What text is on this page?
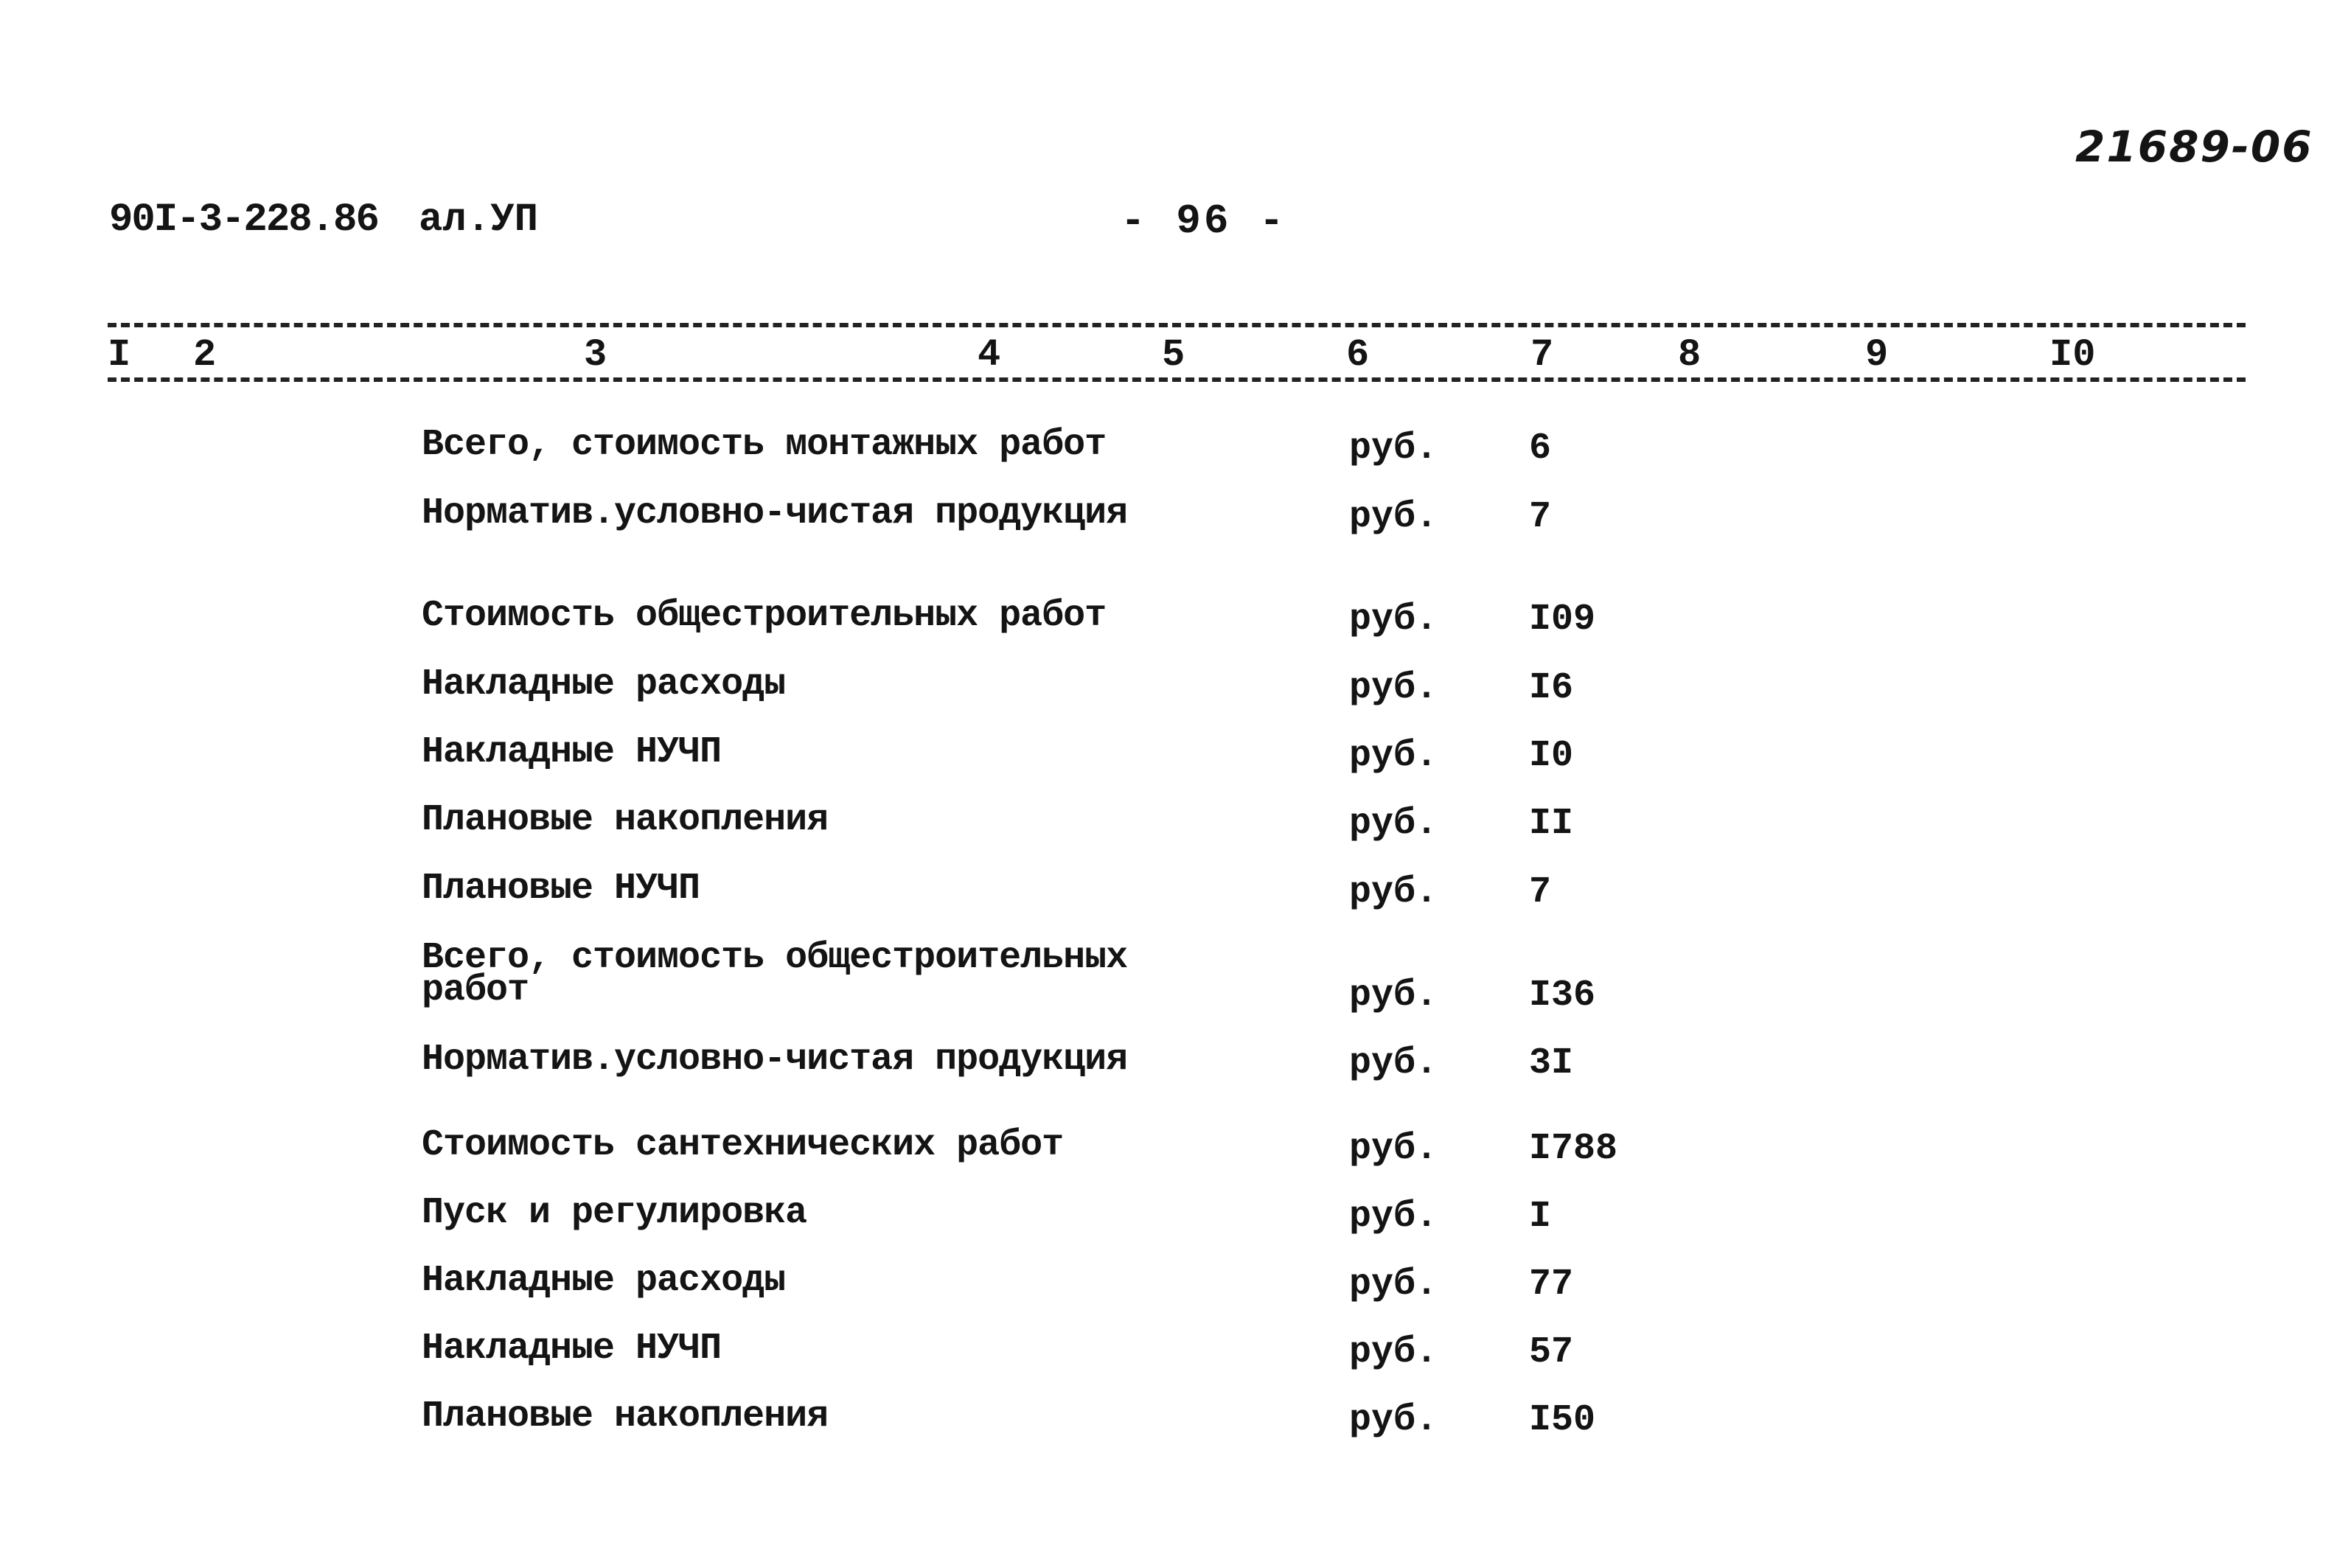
21689-06
90I-3-228.86 ал.УП	- 96 -
I 2	3	4	5	6	7	8	9	I0
Всего, стоимость монтажных работ	руб. 6
Норматив.условно-чистая продукция	руб. 7
Стоимость общестроительных работ	руб. I09
Накладные расходы	руб. I6
Накладные НУЧП	руб. I0
Плановые накопления	руб. II
Плановые НУЧП	руб. 7
Всего, стоимость общестроительных
работ	руб. I36
Норматив.условно-чистая продукция	руб. 3I
Стоимость сантехнических работ	руб. I788
Пуск и регулировка	руб. I
Накладные расходы	руб. 77
Накладные НУЧП	руб. 57
Плановые накопления	руб. I50
